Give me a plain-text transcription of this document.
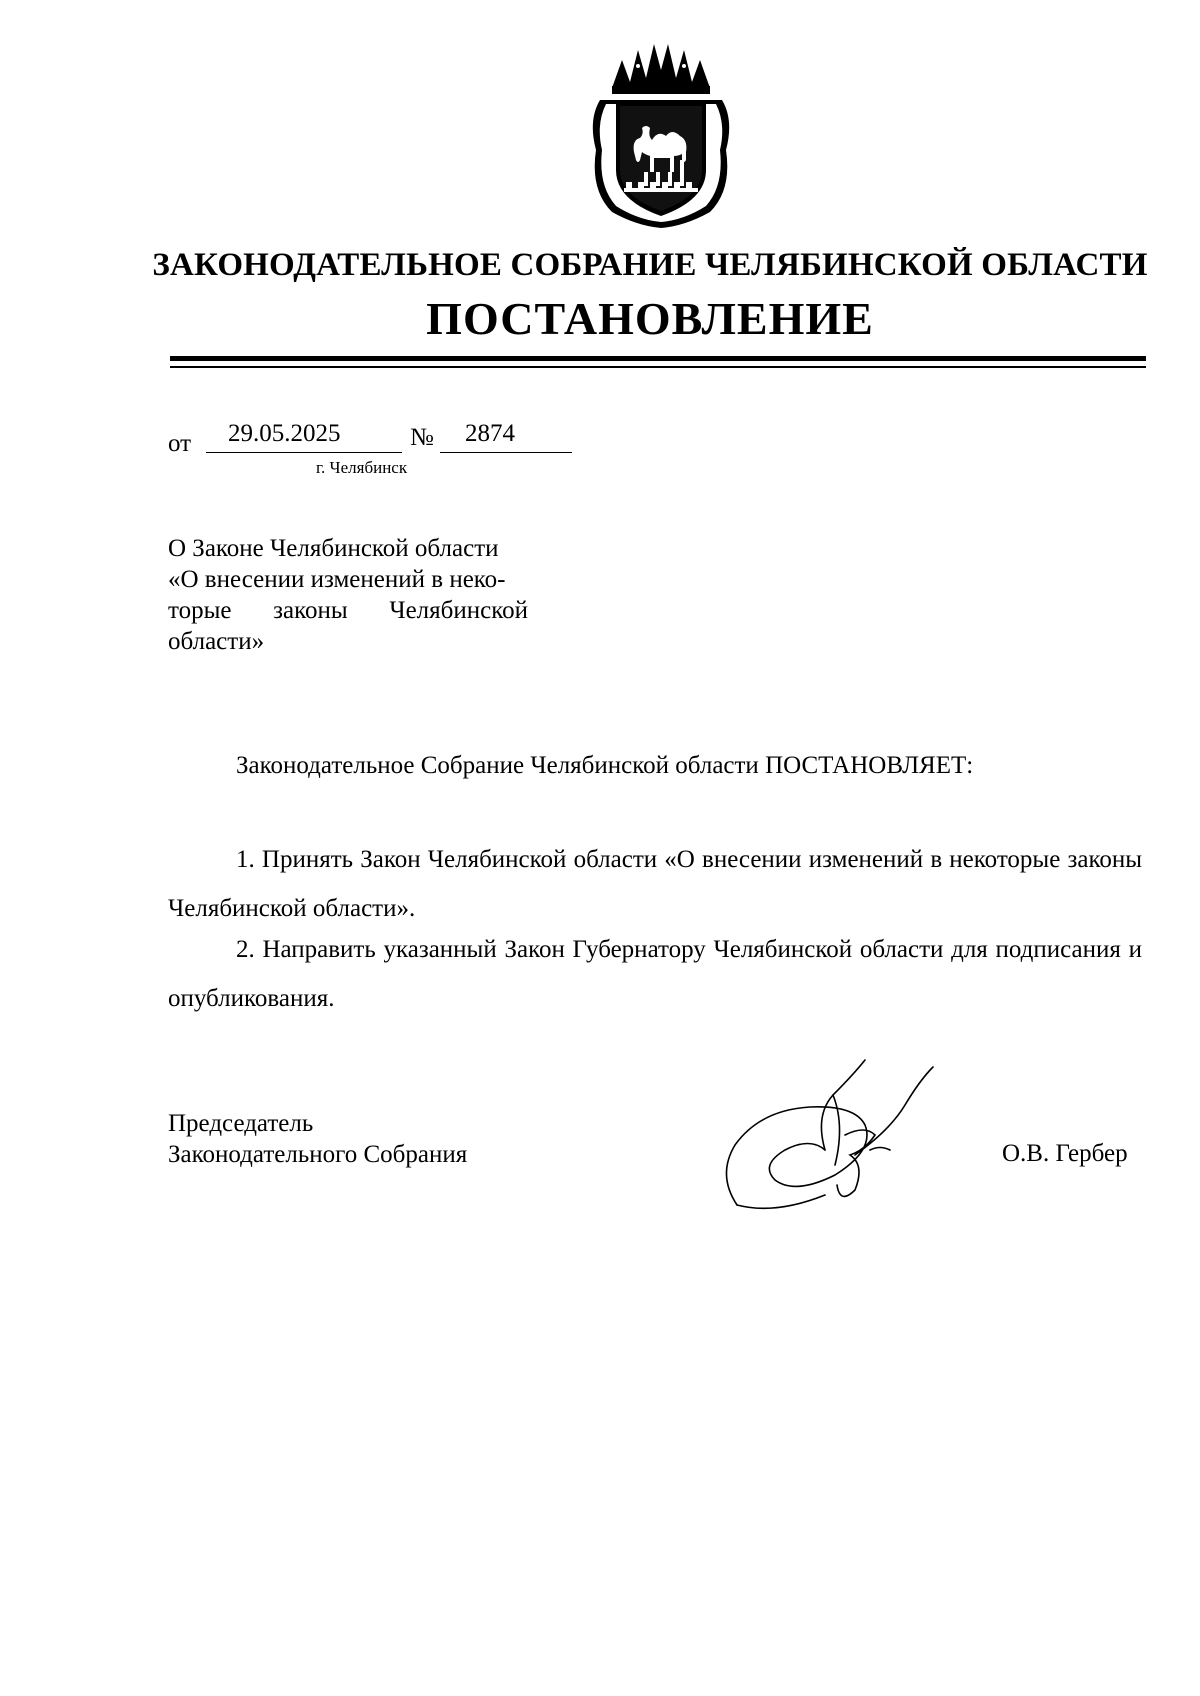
ЗАКОНОДАТЕЛЬНОЕ СОБРАНИЕ ЧЕЛЯБИНСКОЙ ОБЛАСТИ
ПОСТАНОВЛЕНИЕ
от 29.05.2025	№ 2874
г. Челябинск
О Законе Челябинской области
«О внесении изменений в неко-
торые законы Челябинской
области»
Законодательное Собрание Челябинской области ПОСТАНОВЛЯЕТ:
1. Принять Закон Челябинской области «О внесении изменений в некоторые законы Челябинской области».
2. Направить указанный Закон Губернатору Челябинской области для подписания и опубликования.
Председатель
Законодательного Собрания	О.В. Гербер
